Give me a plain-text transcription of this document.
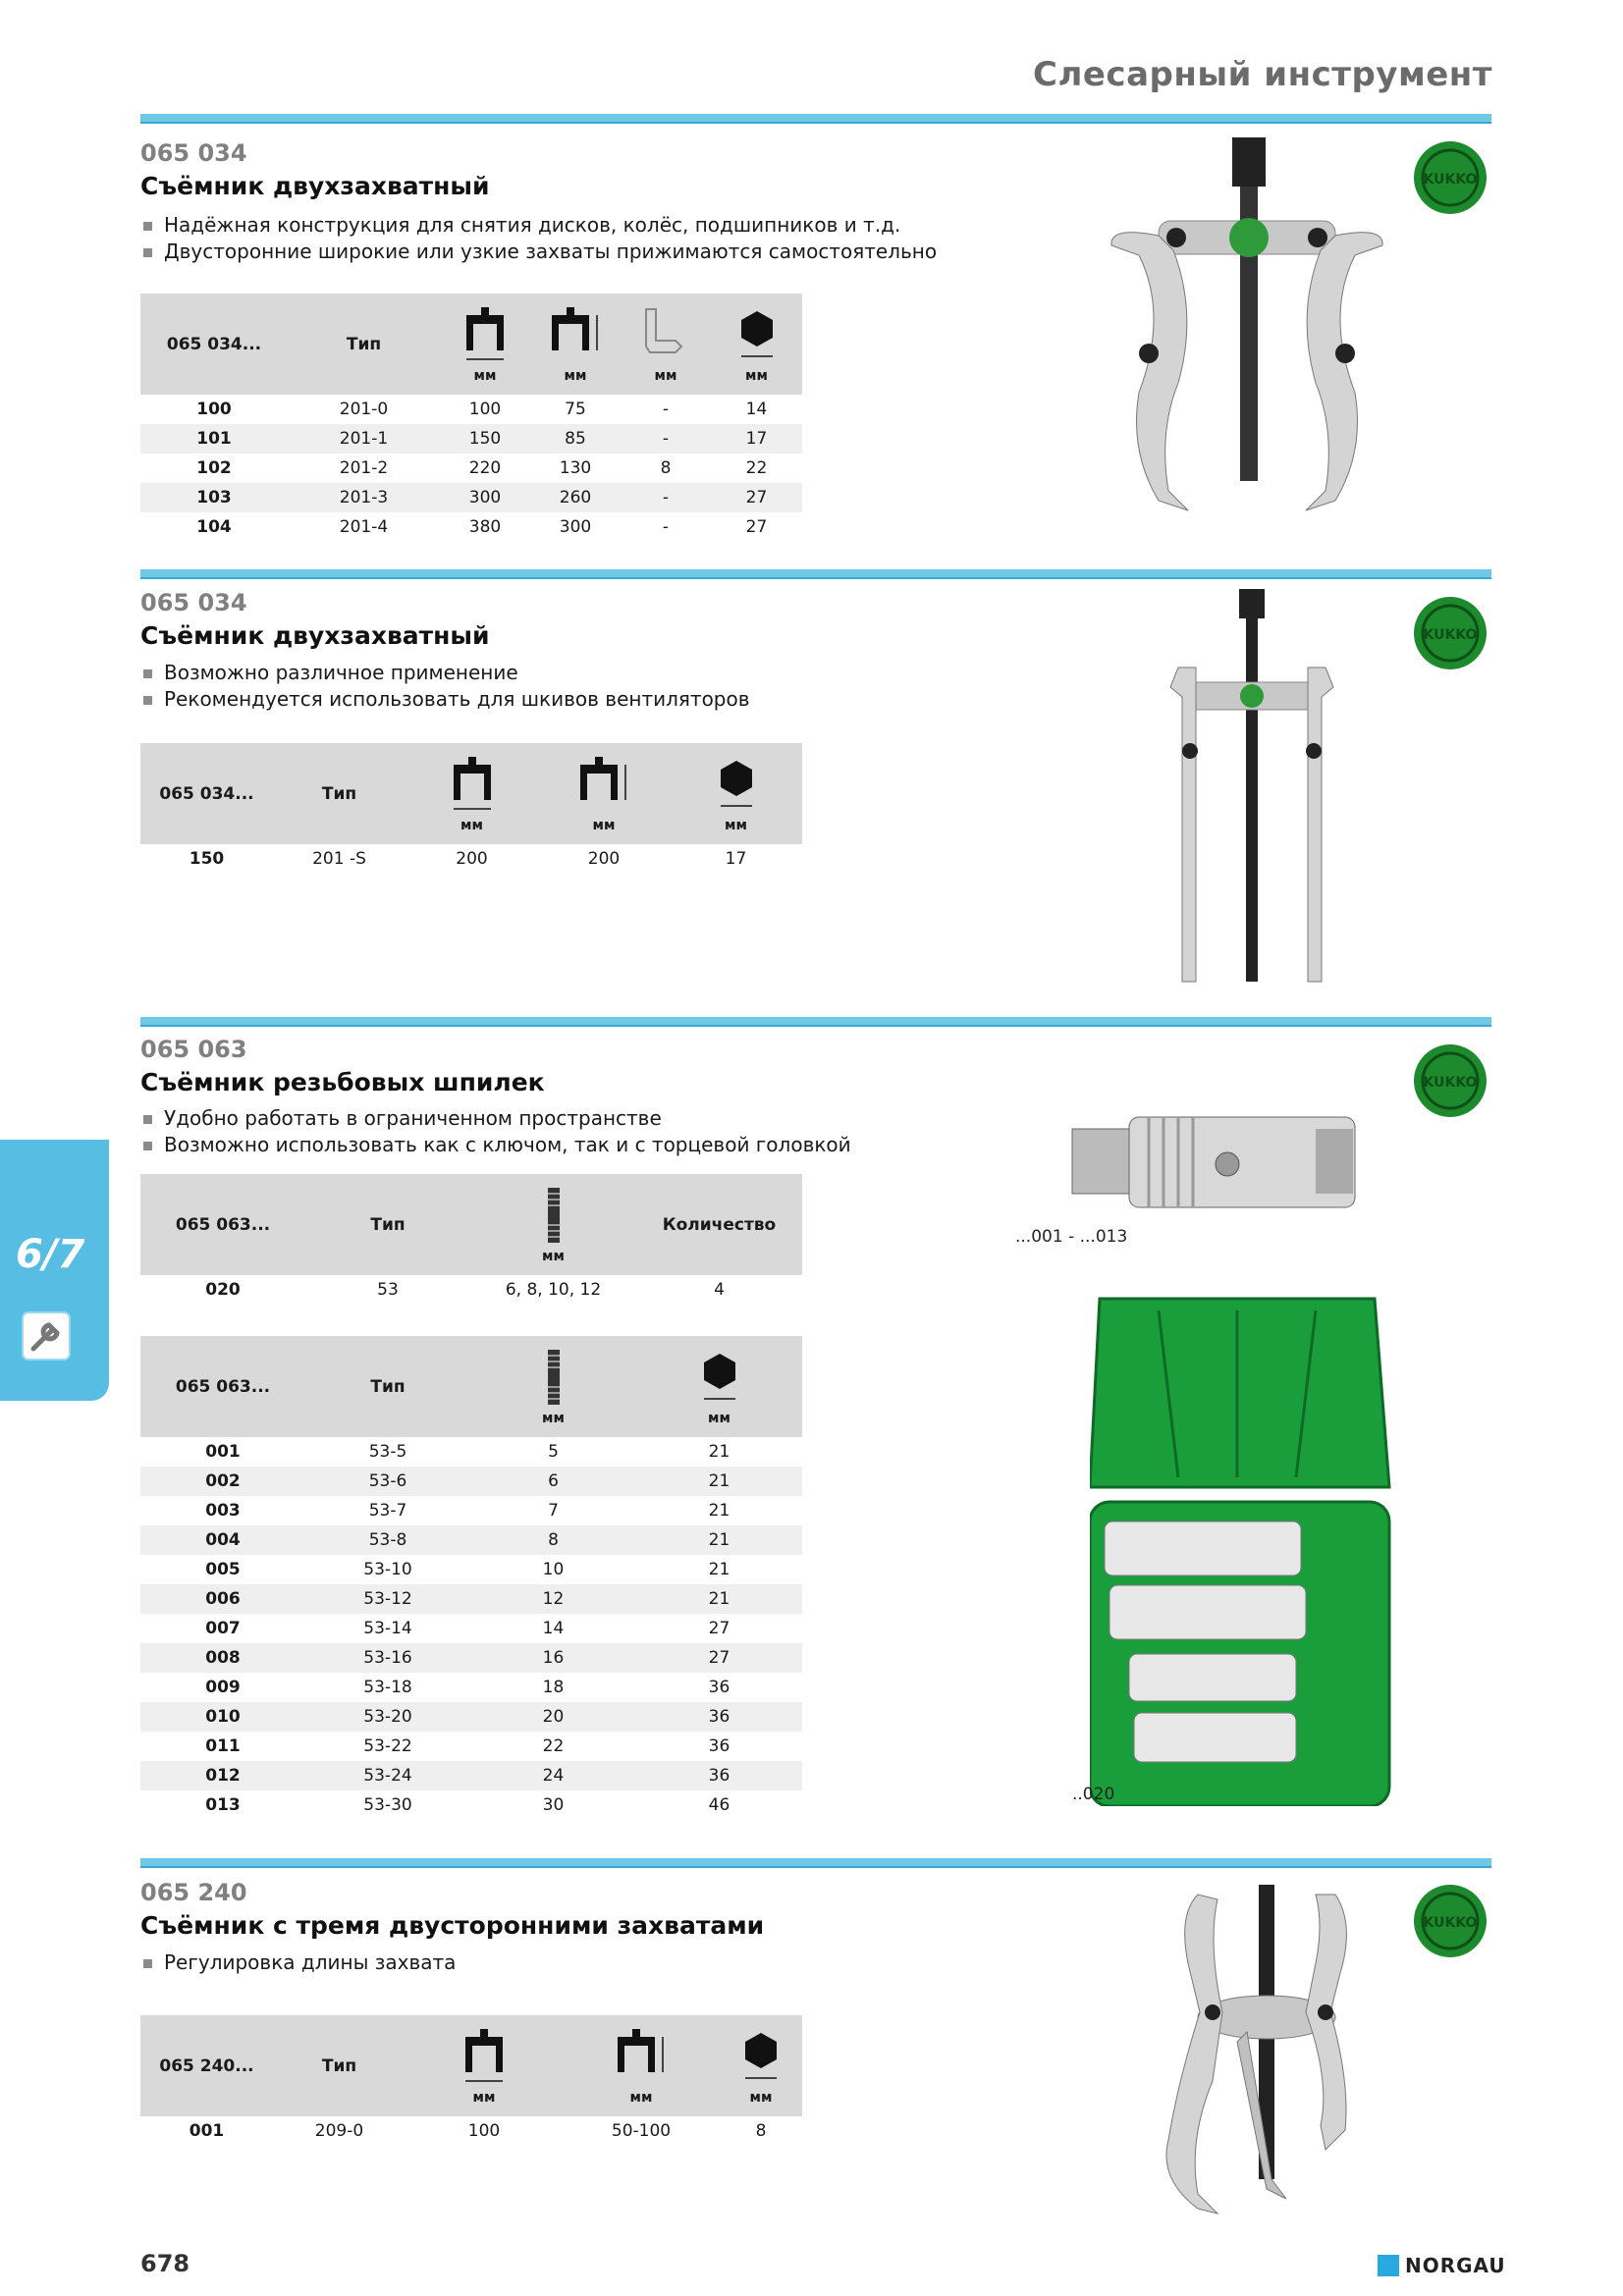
Слесарный инструмент
6/7
065 034
Съёмник двухзахватный
Надёжная конструкция для снятия дисков, колёс, подшипников и т.д.
Двусторонние широкие или узкие захваты прижимаются самостоятельно
065 034...	Тип	мм	мм	мм	мм

100	201-0	100	75	-	14
101	201-1	150	85	-	17
102	201-2	220	130	8	22
103	201-3	300	260	-	27
104	201-4	380	300	-	27
KUKKO
065 034
Съёмник двухзахватный
Возможно различное применение
Рекомендуется использовать для шкивов вентиляторов
065 034...	Тип	мм	мм	мм

150	201 -S	200	200	17
KUKKO
065 063
Съёмник резьбовых шпилек
Удобно работать в ограниченном пространстве
Возможно использовать как с ключом, так и с торцевой головкой
065 063...	Тип	мм	Количество
020	53	6, 8, 10, 12	4
065 063...	Тип	мм	мм

001	53-5	5	21
002	53-6	6	21
003	53-7	7	21
004	53-8	8	21
005	53-10	10	21
006	53-12	12	21
007	53-14	14	27
008	53-16	16	27
009	53-18	18	36
010	53-20	20	36
011	53-22	22	36
012	53-24	24	36
013	53-30	30	46
...001 - ...013
..020
KUKKO
065 240
Съёмник с тремя двусторонними захватами
Регулировка длины захвата
065 240...	Тип	мм	мм	мм

001	209-0	100	50-100	8
KUKKO
678	NORGAU
